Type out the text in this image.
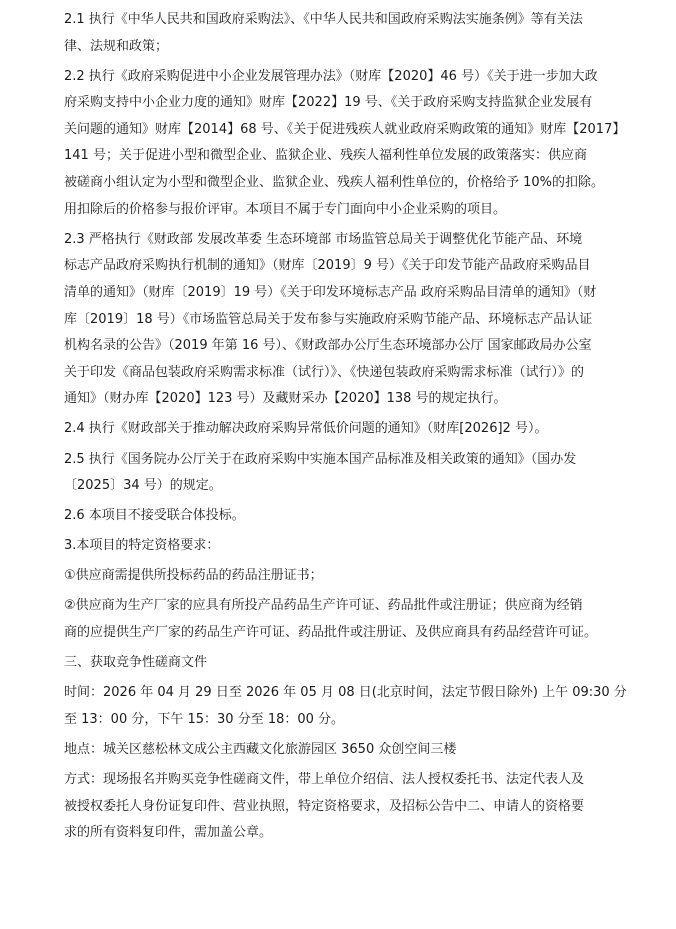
2.1 执行《中华人民共和国政府采购法》、《中华人民共和国政府采购法实施条例》等有关法
律、法规和政策；
2.2 执行《政府采购促进中小企业发展管理办法》（财库【2020】46 号）《关于进一步加大政
府采购支持中小企业力度的通知》财库【2022】19 号、《关于政府采购支持监狱企业发展有
关问题的通知》财库【2014】68 号、《关于促进残疾人就业政府采购政策的通知》财库【2017】
141 号；关于促进小型和微型企业、监狱企业、残疾人福利性单位发展的政策落实：供应商
被磋商小组认定为小型和微型企业、监狱企业、残疾人福利性单位的，价格给予 10%的扣除。
用扣除后的价格参与报价评审。本项目不属于专门面向中小企业采购的项目。
2.3 严格执行《财政部 发展改革委 生态环境部 市场监管总局关于调整优化节能产品、环境
标志产品政府采购执行机制的通知》（财库〔2019〕9 号）《关于印发节能产品政府采购品目
清单的通知》（财库〔2019〕19 号）《关于印发环境标志产品 政府采购品目清单的通知》（财
库〔2019〕18 号）《市场监管总局关于发布参与实施政府采购节能产品、环境标志产品认证
机构名录的公告》（2019 年第 16 号）、《财政部办公厅生态环境部办公厅 国家邮政局办公室
关于印发《商品包装政府采购需求标准（试行）》、《快递包装政府采购需求标准（试行）》的
通知》（财办库【2020】123 号）及藏财采办【2020】138 号的规定执行。
2.4 执行《财政部关于推动解决政府采购异常低价问题的通知》（财库[2026]2 号）。
2.5 执行《国务院办公厅关于在政府采购中实施本国产品标准及相关政策的通知》（国办发
〔2025〕34 号）的规定。
2.6 本项目不接受联合体投标。
3.本项目的特定资格要求：
①供应商需提供所投标药品的药品注册证书；
②供应商为生产厂家的应具有所投产品药品生产许可证、药品批件或注册证；供应商为经销
商的应提供生产厂家的药品生产许可证、药品批件或注册证、及供应商具有药品经营许可证。
三、获取竞争性磋商文件
时间：2026 年 04 月 29 日至 2026 年 05 月 08 日(北京时间，法定节假日除外) 上午 09:30 分
至 13：00 分，下午 15：30 分至 18：00 分。
地点：城关区慈松林文成公主西藏文化旅游园区 3650 众创空间三楼
方式：现场报名并购买竞争性磋商文件，带上单位介绍信、法人授权委托书、法定代表人及
被授权委托人身份证复印件、营业执照，特定资格要求，及招标公告中二、申请人的资格要
求的所有资料复印件，需加盖公章。
